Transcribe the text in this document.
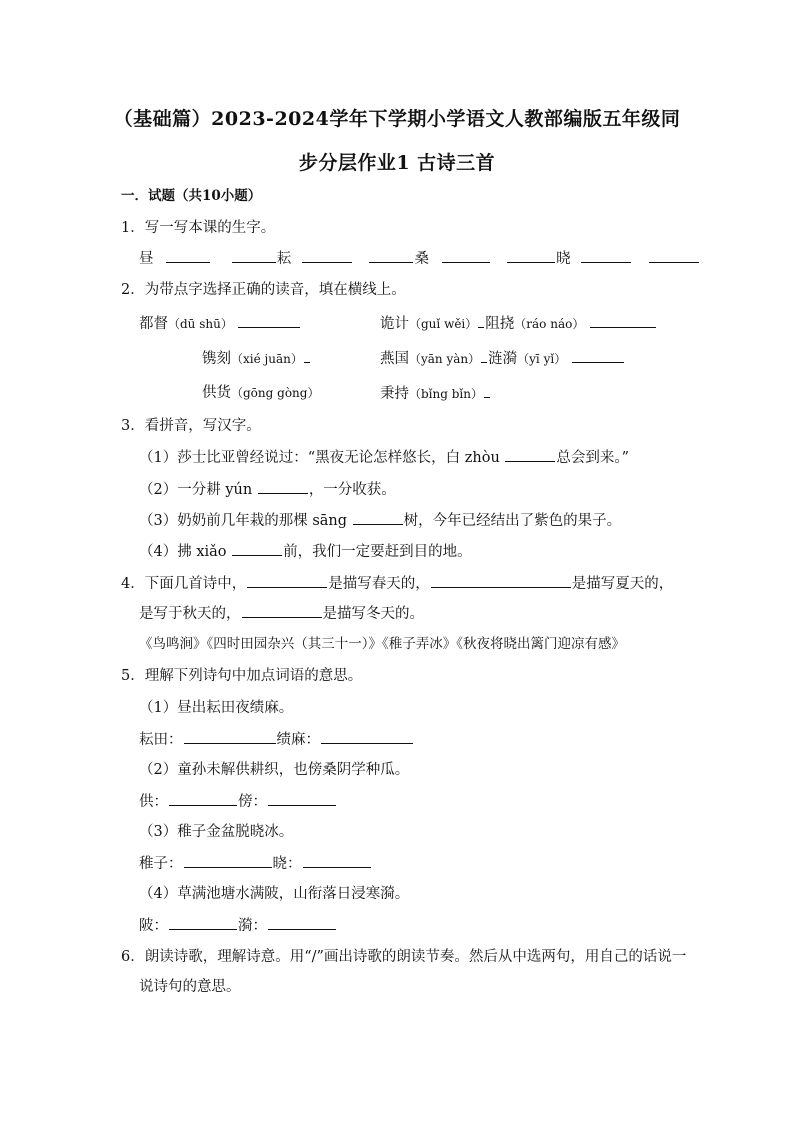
（基础篇）2023-2024学年下学期小学语文人教部编版五年级同
步分层作业1 古诗三首
一．试题（共10小题）
1．写一写本课的生字。
昼	耘	桑	晓
2．为带点字选择正确的读音，填在横线上。
都督（dū shū）	诡计（guǐ wěi） 阻挠（ráo náo）
镌刻（xié juān）	燕国（yān yàn） 涟漪（yī yǐ）
供货（gōng gòng）	秉持（bǐng bǐn）
3．看拼音，写汉字。
（1）莎士比亚曾经说过：“黑夜无论怎样悠长，白 zhòu	总会到来。”
（2）一分耕 yún	，一分收获。
（3）奶奶前几年栽的那棵 sāng	树，今年已经结出了紫色的果子。
（4）拂 xiǎo	前，我们一定要赶到目的地。
4．下面几首诗中，	是描写春天的，	是描写夏天的，
是写于秋天的，	是描写冬天的。
《鸟鸣涧》《四时田园杂兴（其三十一）》《稚子弄冰》《秋夜将晓出篱门迎凉有感》
5．理解下列诗句中加点词语的意思。
（1）昼出耘田夜绩麻。
耘田：	绩麻：
（2）童孙未解供耕织，也傍桑阴学种瓜。
供：	傍：
（3）稚子金盆脱晓冰。
稚子：	晓：
（4）草满池塘水满陂，山衔落日浸寒漪。
陂：	漪：
6．朗读诗歌，理解诗意。用“/”画出诗歌的朗读节奏。然后从中选两句，用自己的话说一
说诗句的意思。
